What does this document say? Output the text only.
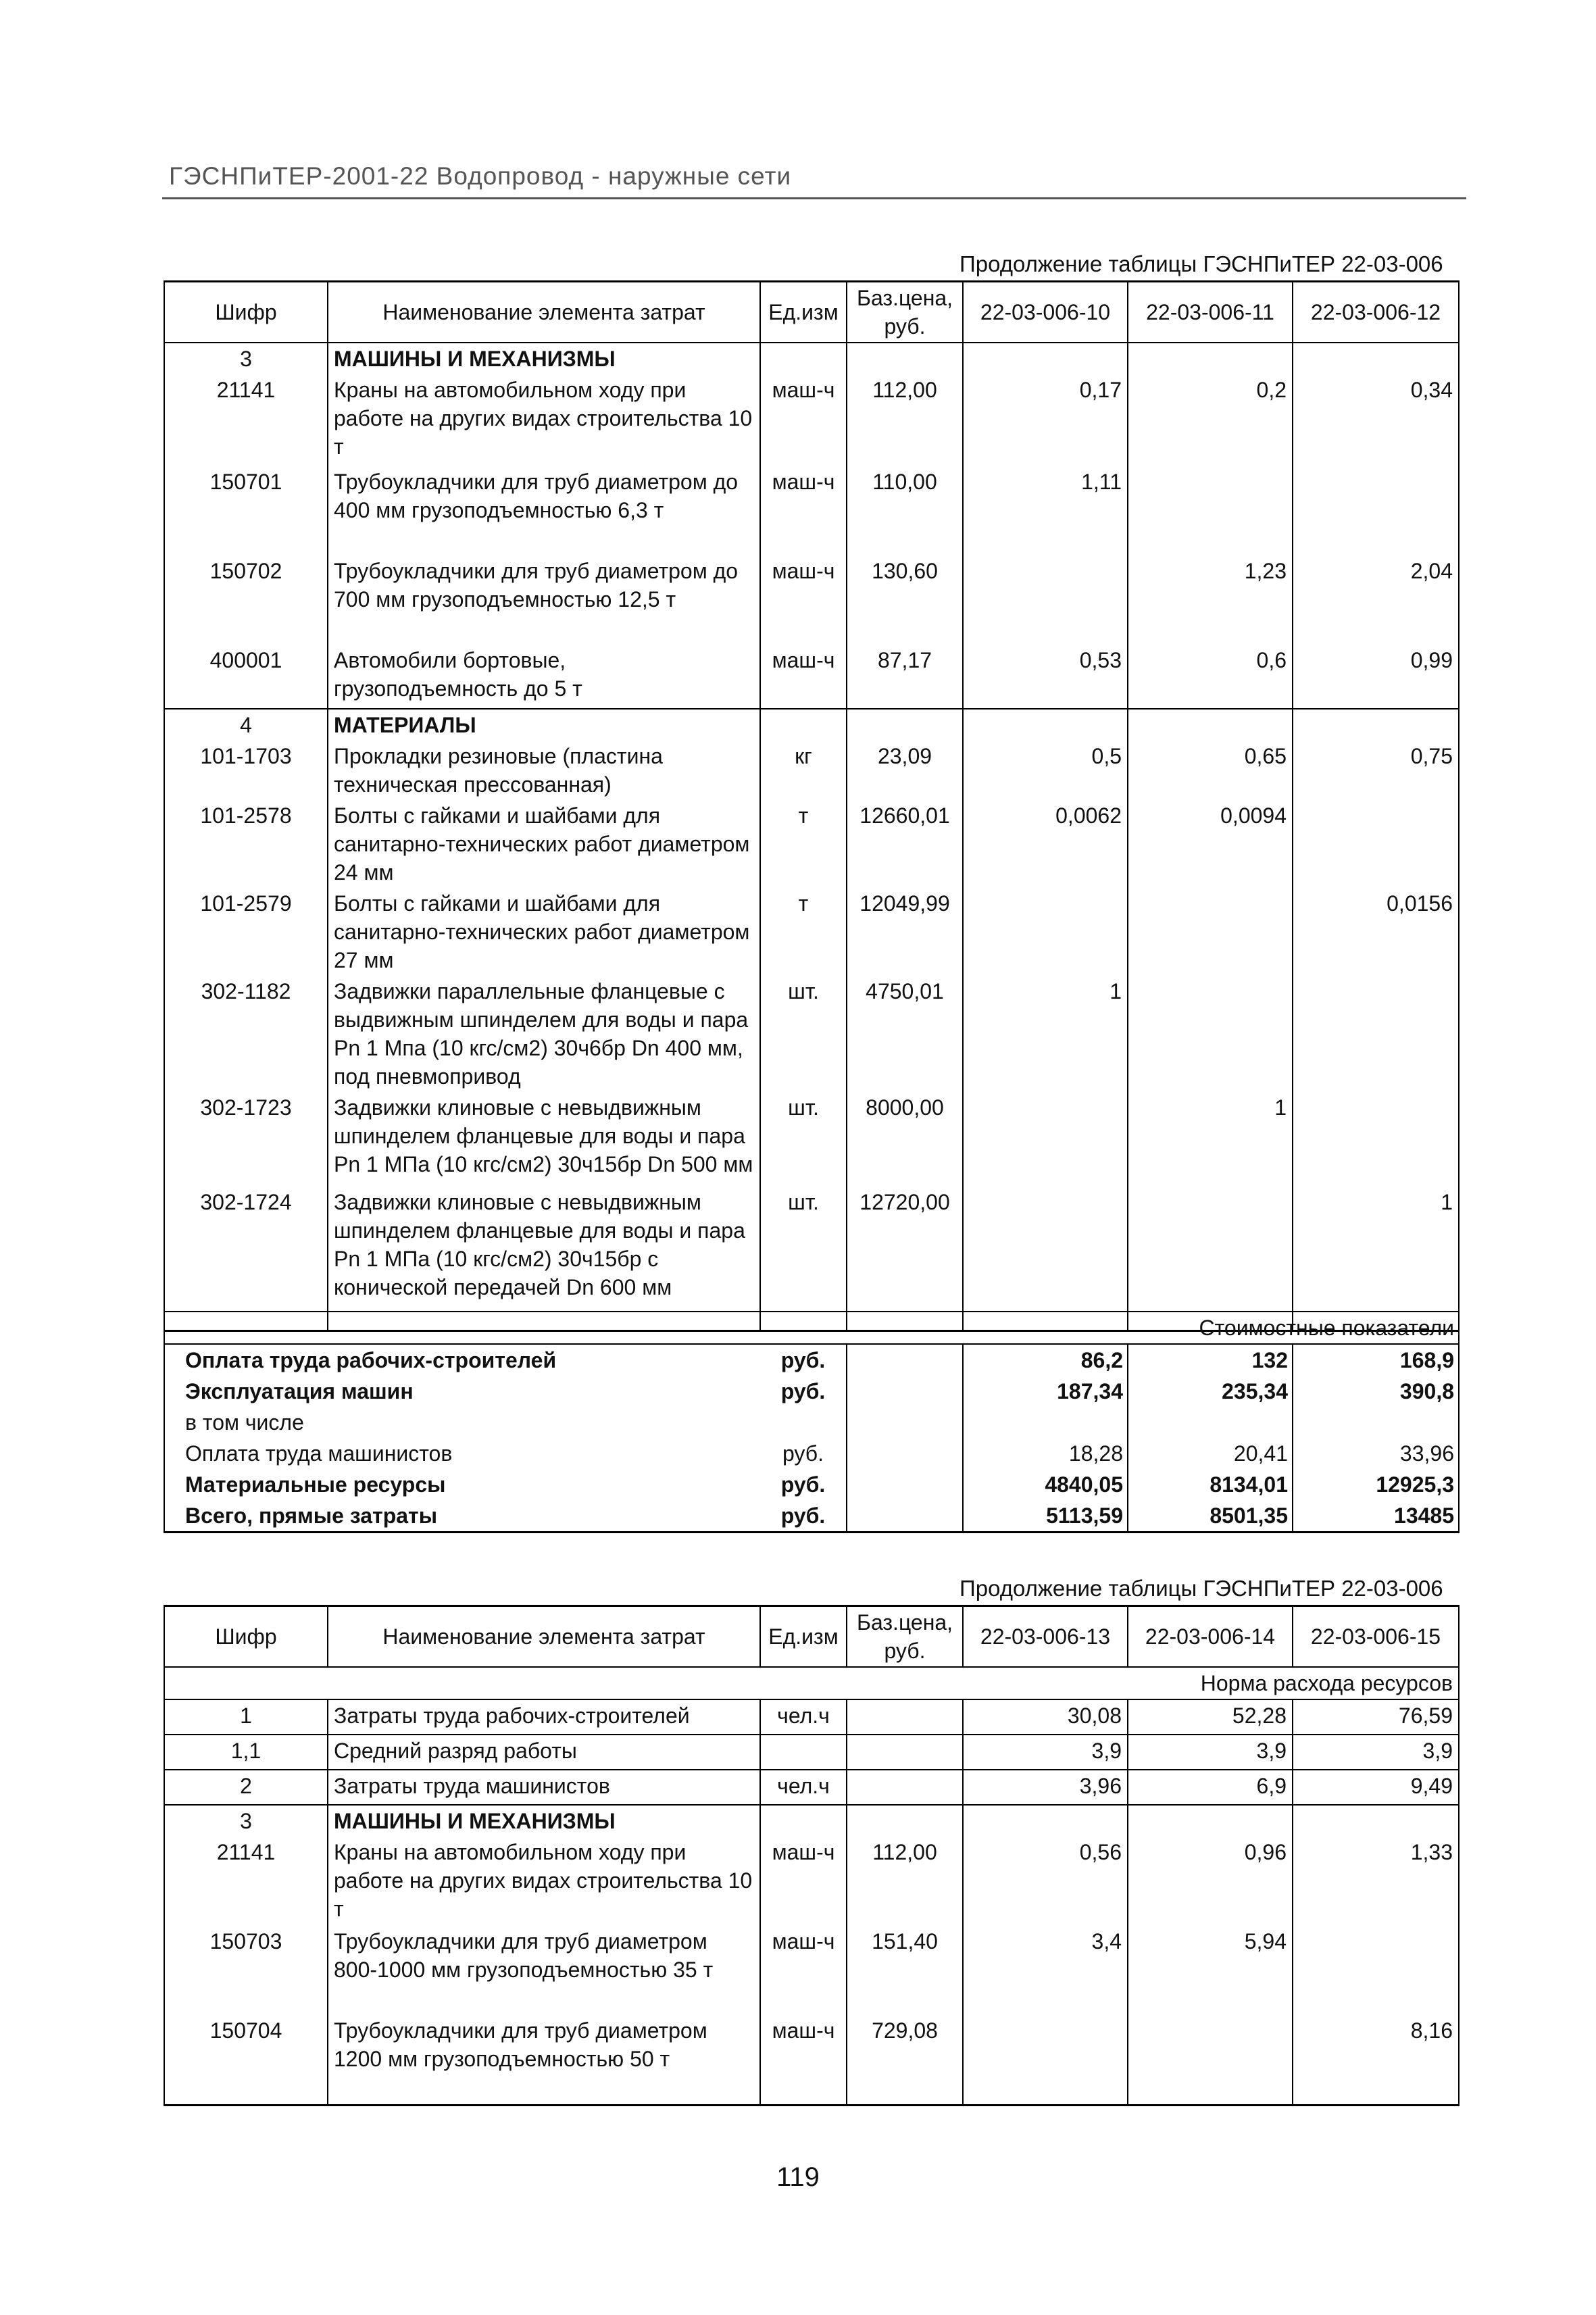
ГЭСНПиТЕР-2001-22 Водопровод - наружные сети
Продолжение таблицы ГЭСНПиТЕР 22-03-006
Шифр	Наименование элемента затрат	Ед.изм	Баз.цена, руб.	22-03-006-10	22-03-006-11	22-03-006-12
3	МАШИНЫ И МЕХАНИЗМЫ					
21141	Краны на автомобильном ходу при работе на других видах строительства 10 т	маш-ч	112,00	0,17	0,2	0,34
150701	Трубоукладчики для труб диаметром до 400 мм грузоподъемностью 6,3 т	маш-ч	110,00	1,11		
150702	Трубоукладчики для труб диаметром до 700 мм грузоподъемностью 12,5 т	маш-ч	130,60		1,23	2,04
400001	Автомобили бортовые, грузоподъемность до 5 т	маш-ч	87,17	0,53	0,6	0,99
4	МАТЕРИАЛЫ					
101-1703	Прокладки резиновые (пластина техническая прессованная)	кг	23,09	0,5	0,65	0,75
101-2578	Болты с гайками и шайбами для санитарно-технических работ диаметром 24 мм	т	12660,01	0,0062	0,0094	
101-2579	Болты с гайками и шайбами для санитарно-технических работ диаметром 27 мм	т	12049,99			0,0156
302-1182	Задвижки параллельные фланцевые с выдвижным шпинделем для воды и пара Pn 1 Мпа (10 кгс/см2) 30ч6бр Dn 400 мм, под пневмопривод	шт.	4750,01	1		
302-1723	Задвижки клиновые с невыдвижным шпинделем фланцевые для воды и пара Pn 1 МПа (10 кгс/см2) 30ч15бр Dn 500 мм	шт.	8000,00		1	
302-1724	Задвижки клиновые с невыдвижным шпинделем фланцевые для воды и пара Pn 1 МПа (10 кгс/см2) 30ч15бр с конической передачей Dn 600 мм	шт.	12720,00			1
Стоимостные показатели					
Оплата труда рабочих-строителей	руб.		86,2	132	168,9
Эксплуатация машин	руб.		187,34	235,34	390,8
в том числе					
Оплата труда машинистов	руб.		18,28	20,41	33,96
Материальные ресурсы	руб.		4840,05	8134,01	12925,3
Всего, прямые затраты	руб.		5113,59	8501,35	13485
Продолжение таблицы ГЭСНПиТЕР 22-03-006
Шифр	Наименование элемента затрат	Ед.изм	Баз.цена, руб.	22-03-006-13	22-03-006-14	22-03-006-15
Норма расхода ресурсов						
1	Затраты труда рабочих-строителей	чел.ч		30,08	52,28	76,59
1,1	Средний разряд работы			3,9	3,9	3,9
2	Затраты труда машинистов	чел.ч		3,96	6,9	9,49
3	МАШИНЫ И МЕХАНИЗМЫ					
21141	Краны на автомобильном ходу при работе на других видах строительства 10 т	маш-ч	112,00	0,56	0,96	1,33
150703	Трубоукладчики для труб диаметром 800-1000 мм грузоподъемностью 35 т	маш-ч	151,40	3,4	5,94	
150704	Трубоукладчики для труб диаметром 1200 мм грузоподъемностью 50 т	маш-ч	729,08			8,16
119
